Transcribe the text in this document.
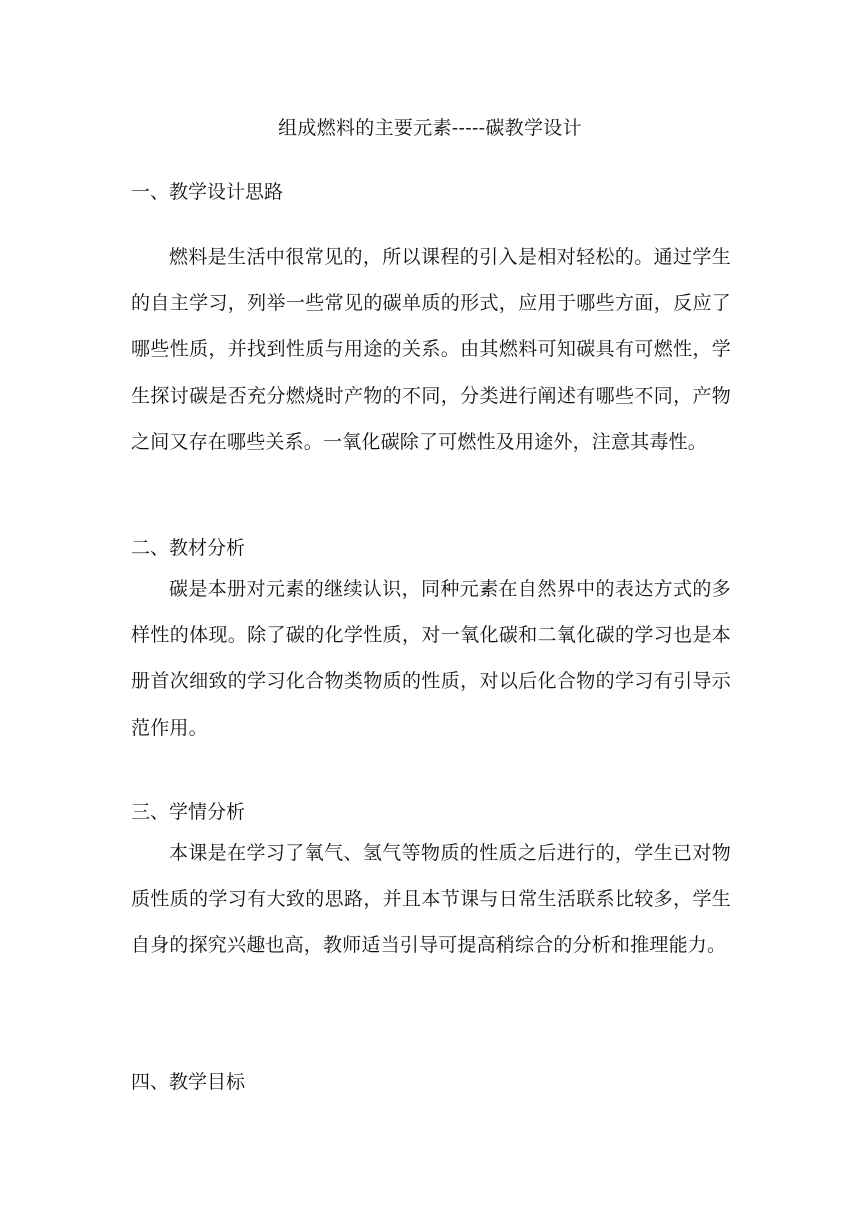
组成燃料的主要元素-----碳教学设计
一、教学设计思路

燃料是生活中很常见的，所以课程的引入是相对轻松的。通过学生的自主学习，列举一些常见的碳单质的形式，应用于哪些方面，反应了哪些性质，并找到性质与用途的关系。由其燃料可知碳具有可燃性，学生探讨碳是否充分燃烧时产物的不同，分类进行阐述有哪些不同，产物之间又存在哪些关系。一氧化碳除了可燃性及用途外，注意其毒性。

二、教材分析

碳是本册对元素的继续认识，同种元素在自然界中的表达方式的多样性的体现。除了碳的化学性质，对一氧化碳和二氧化碳的学习也是本册首次细致的学习化合物类物质的性质，对以后化合物的学习有引导示范作用。

三、学情分析

本课是在学习了氧气、氢气等物质的性质之后进行的，学生已对物质性质的学习有大致的思路，并且本节课与日常生活联系比较多，学生自身的探究兴趣也高，教师适当引导可提高稍综合的分析和推理能力。

四、教学目标
